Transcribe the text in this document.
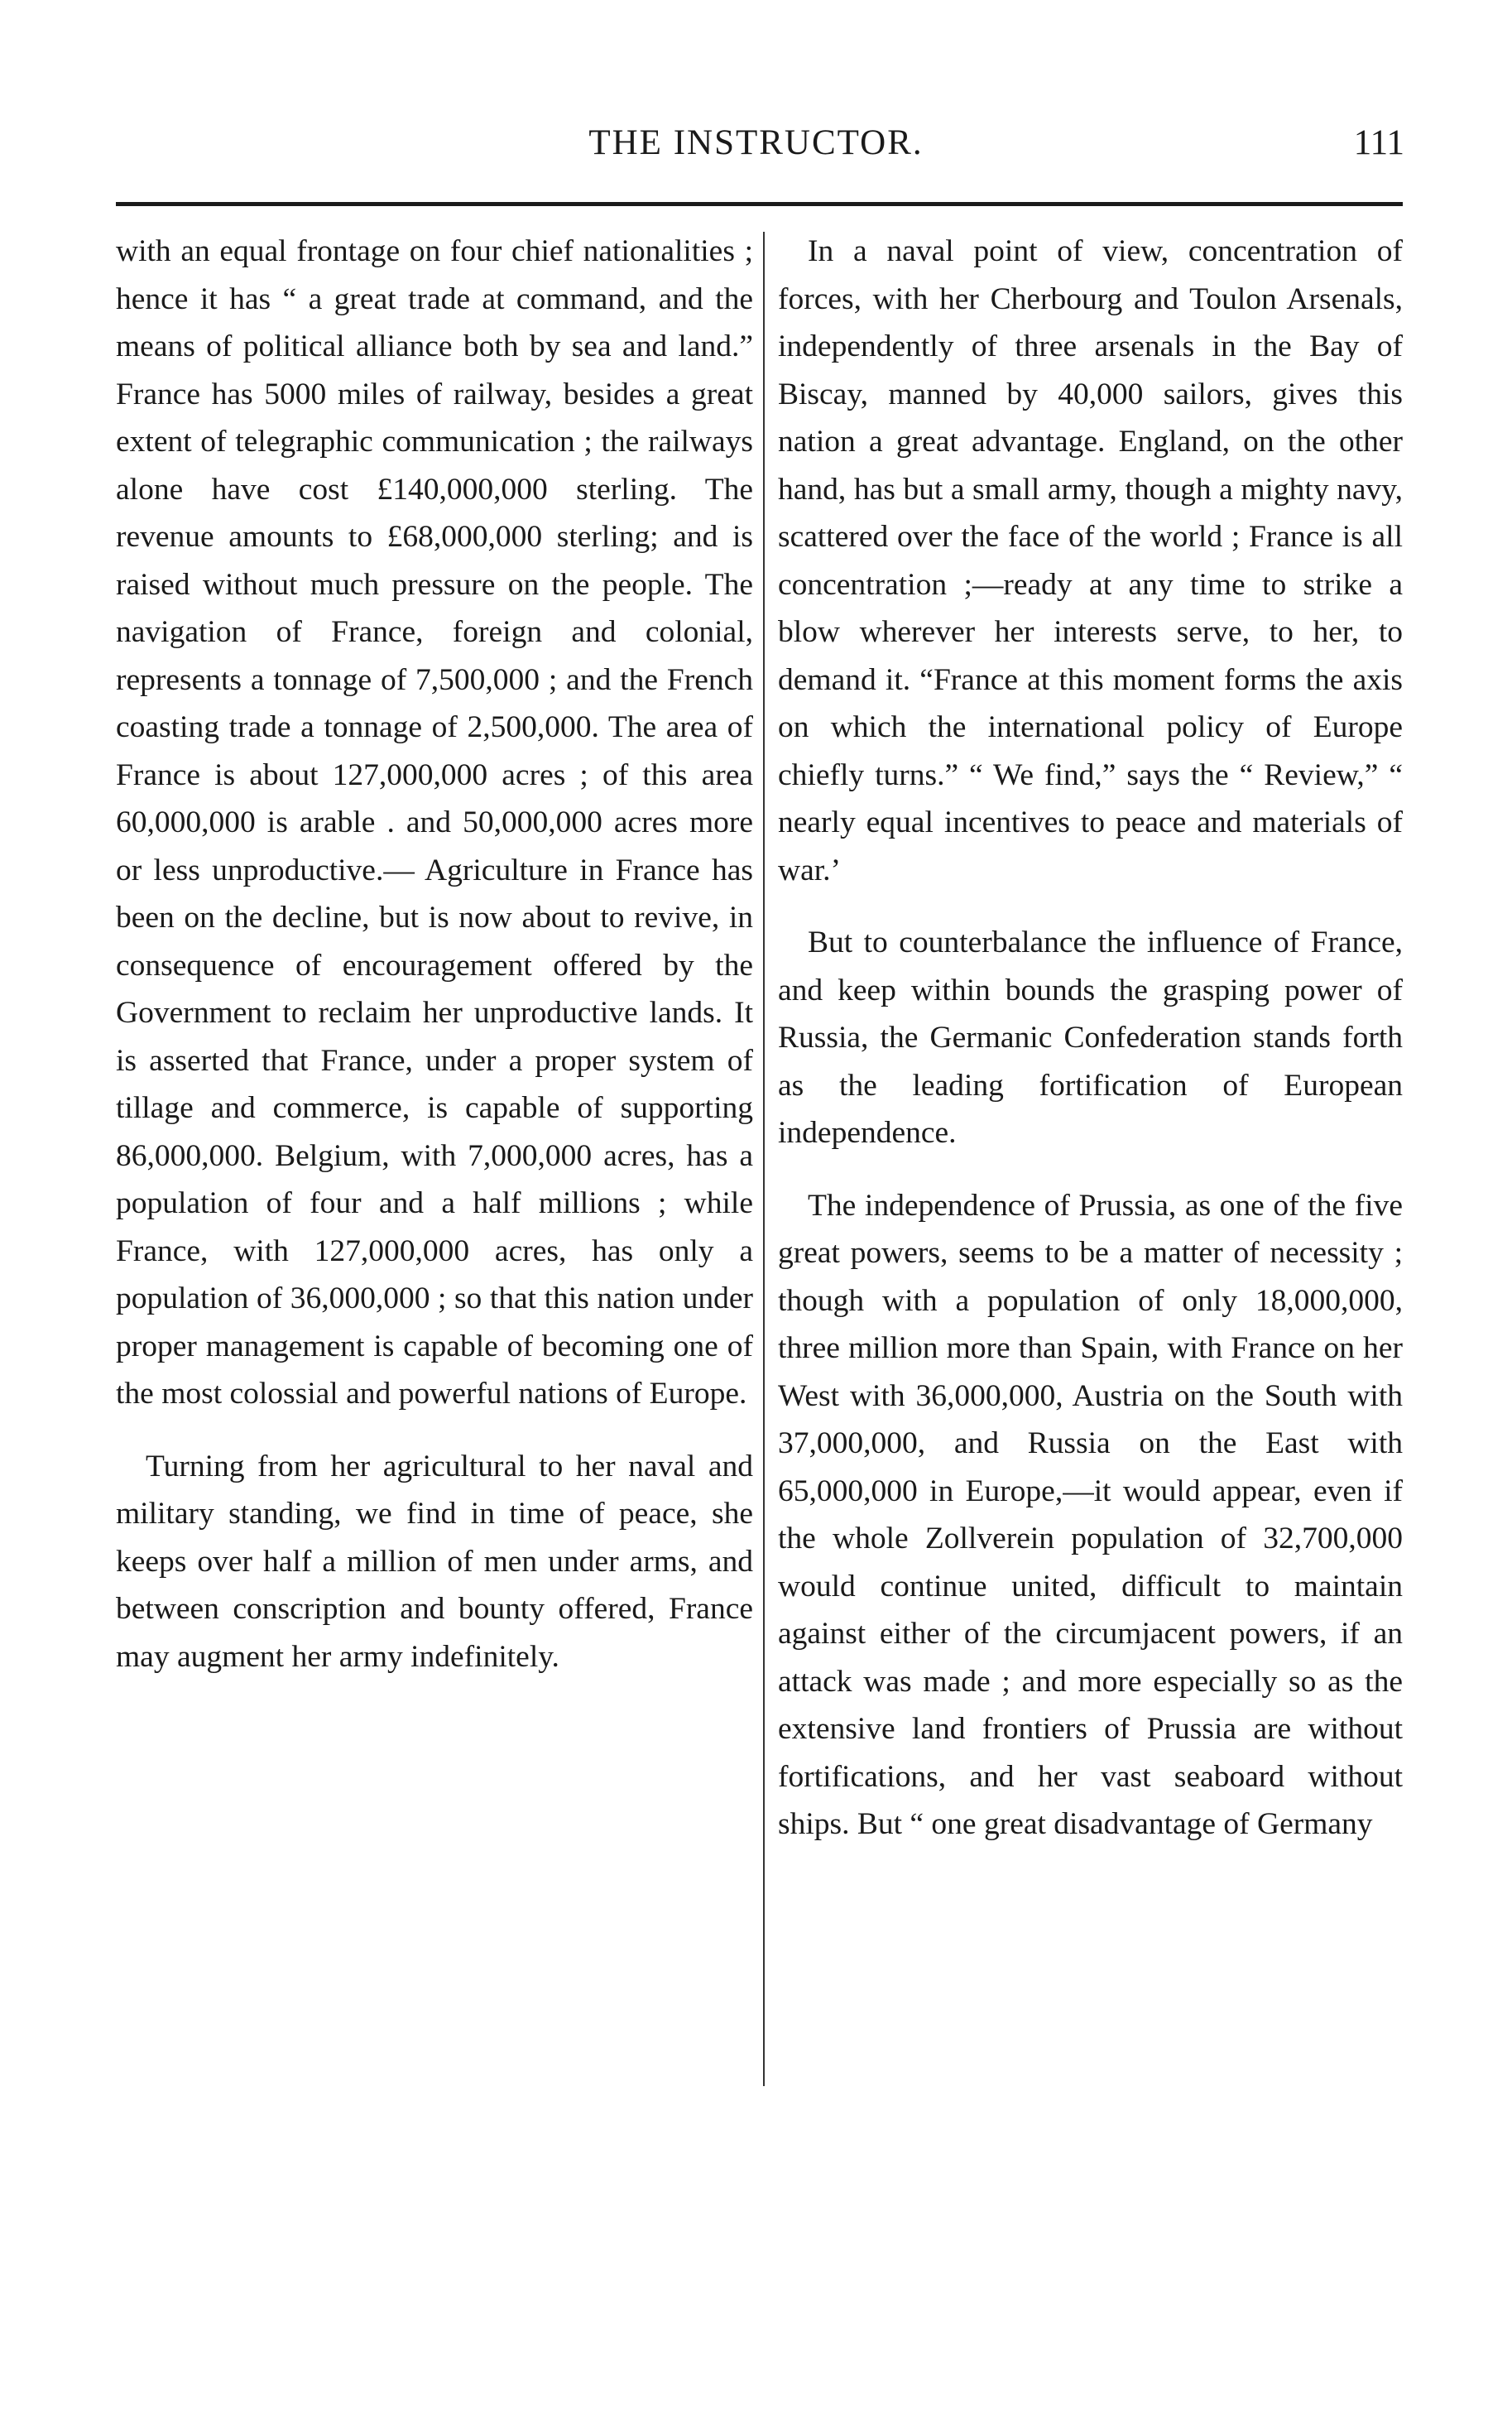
THE INSTRUCTOR.	111

with an equal frontage on four chief nationalities ; hence it has “ a great trade at command, and the means of political alliance both by sea and land.” France has 5000 miles of railway, besides a great extent of telegraphic communication ; the railways alone have cost £140,000,000 sterling. The revenue amounts to £68,000,000 sterling; and is raised without much pressure on the people. The navigation of France, foreign and colonial, represents a tonnage of 7,500,000 ; and the French coasting trade a tonnage of 2,500,000. The area of France is about 127,000,000 acres ; of this area 60,000,000 is arable . and 50,000,000 acres more or less unproductive.— Agriculture in France has been on the decline, but is now about to revive, in consequence of encouragement offered by the Government to reclaim her unproductive lands. It is asserted that France, under a proper system of tillage and commerce, is capable of supporting 86,000,000. Belgium, with 7,000,000 acres, has a population of four and a half millions ; while France, with 127,000,000 acres, has only a population of 36,000,000 ; so that this nation under proper management is capable of becoming one of the most colossial and powerful nations of Europe.

Turning from her agricultural to her naval and military standing, we find in time of peace, she keeps over half a million of men under arms, and between conscription and bounty offered, France may augment her army indefinitely.

In a naval point of view, concentration of forces, with her Cherbourg and Toulon Arsenals, independently of three arsenals in the Bay of Biscay, manned by 40,000 sailors, gives this nation a great advantage. England, on the other hand, has but a small army, though a mighty navy, scattered over the face of the world ; France is all concentration ;—ready at any time to strike a blow wherever her interests serve, to her, to demand it. “France at this moment forms the axis on which the international policy of Europe chiefly turns.” “ We find,” says the “ Review,” “ nearly equal incentives to peace and materials of war.’

But to counterbalance the influence of France, and keep within bounds the grasping power of Russia, the Germanic Confederation stands forth as the leading fortification of European independence.

The independence of Prussia, as one of the five great powers, seems to be a matter of necessity ; though with a population of only 18,000,000, three million more than Spain, with France on her West with 36,000,000, Austria on the South with 37,000,000, and Russia on the East with 65,000,000 in Europe,—it would appear, even if the whole Zollverein population of 32,700,000 would continue united, difficult to maintain against either of the circumjacent powers, if an attack was made ; and more especially so as the extensive land frontiers of Prussia are without fortifications, and her vast seaboard without ships. But “ one great disadvantage of Germany
